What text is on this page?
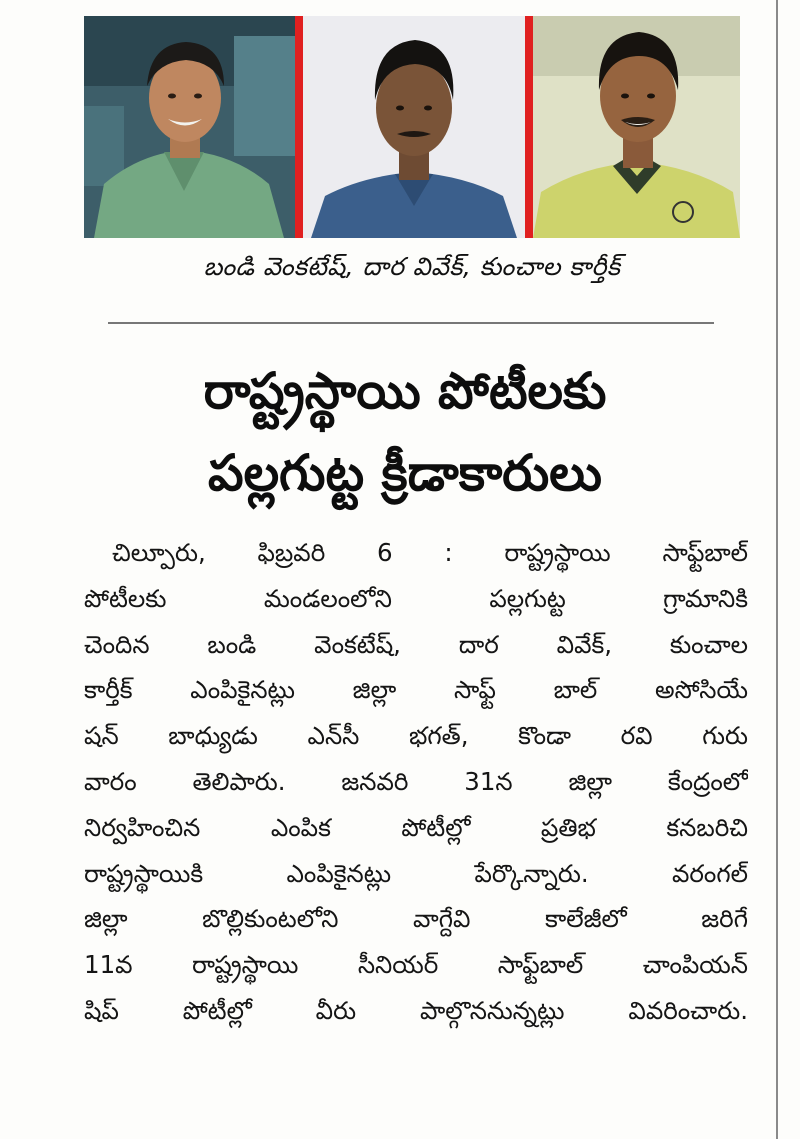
బండి వెంకటేష్, దార వివేక్, కుంచాల కార్తీక్
రాష్ట్రస్థాయి పోటీలకు
పల్లగుట్ట క్రీడాకారులు
చిల్పూరు, ఫిబ్రవరి 6 : రాష్ట్రస్థాయి సాఫ్ట్‌బాల్
పోటీలకు మండలంలోని పల్లగుట్ట గ్రామానికి
చెందిన బండి వెంకటేష్, దార వివేక్, కుంచాల
కార్తీక్ ఎంపికైనట్లు జిల్లా సాఫ్ట్ బాల్ అసోసియే
షన్ బాధ్యుడు ఎన్‌సీ భగత్, కొండా రవి గురు
వారం తెలిపారు. జనవరి 31న జిల్లా కేంద్రంలో
నిర్వహించిన ఎంపిక పోటీల్లో ప్రతిభ కనబరిచి
రాష్ట్రస్థాయికి ఎంపికైనట్లు పేర్కొన్నారు. వరంగల్
జిల్లా బొల్లికుంటలోని వాగ్దేవి కాలేజీలో జరిగే
11వ రాష్ట్రస్థాయి సీనియర్ సాఫ్ట్‌బాల్ చాంపియన్
షిప్ పోటీల్లో వీరు పాల్గొననున్నట్లు వివరించారు.
